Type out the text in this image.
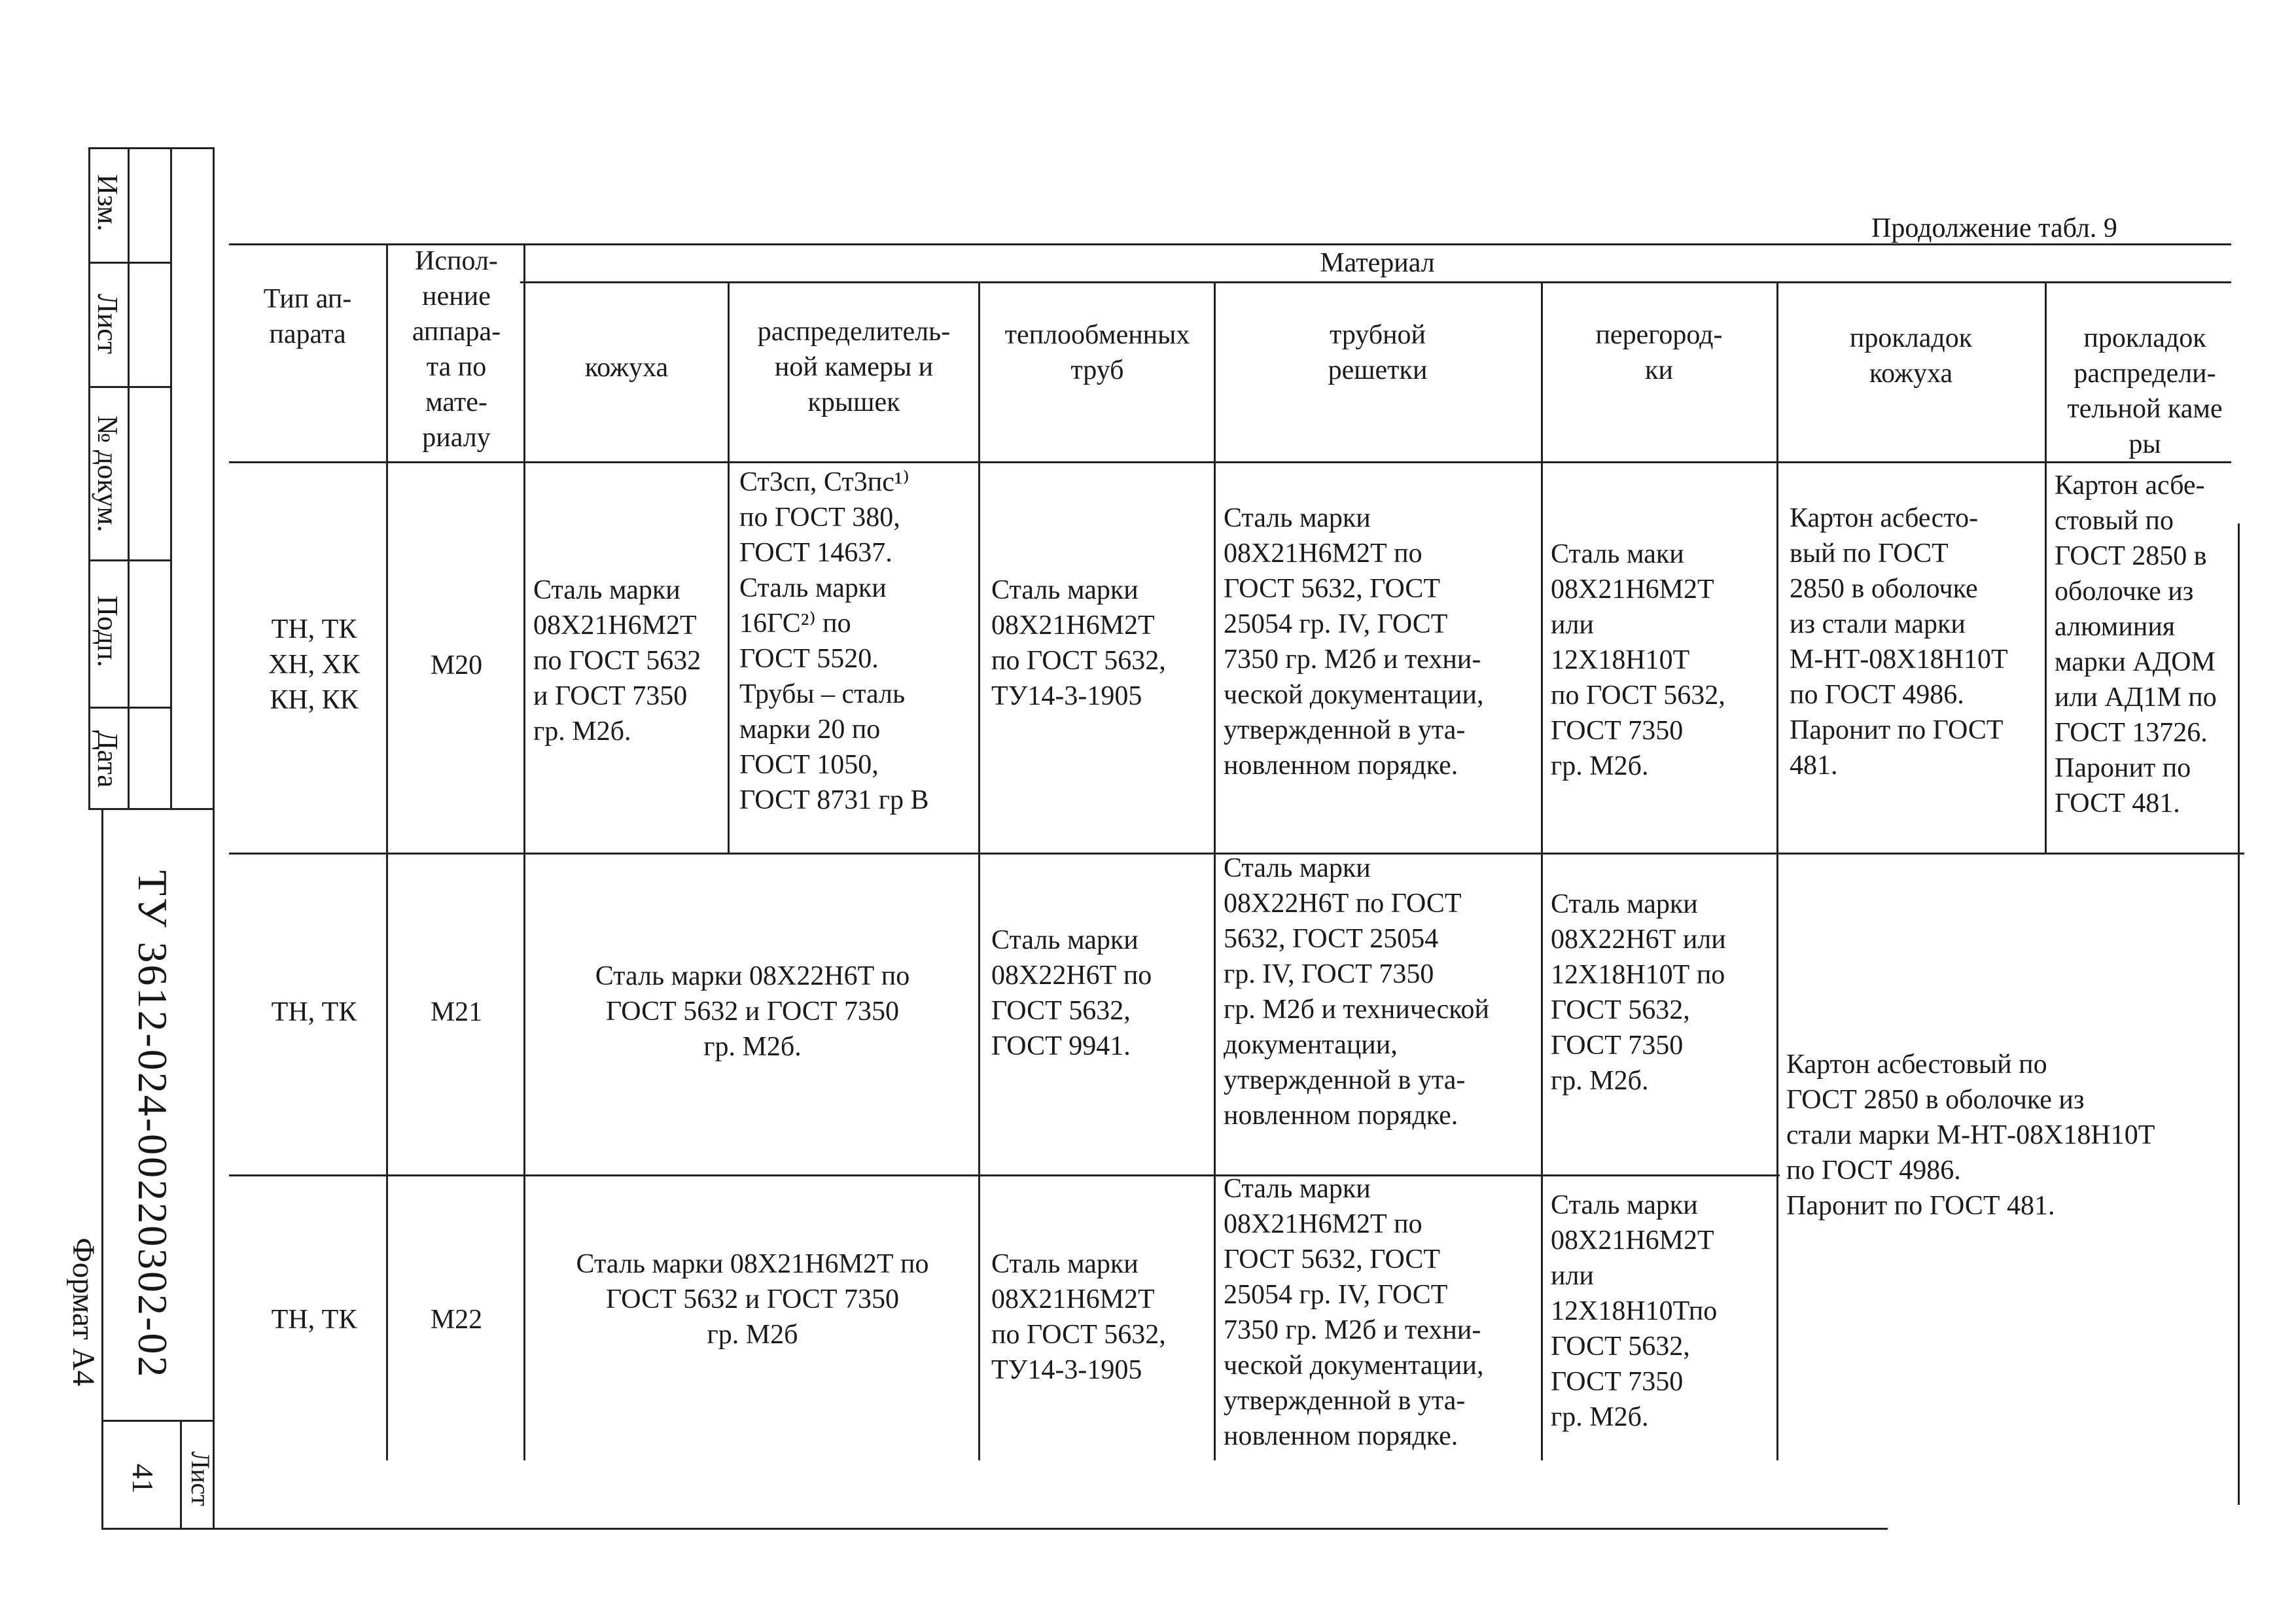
Изм.
Лист
№ докум.
Подп.
Дата
ТУ 3612-024-00220302-02
Формат А4
Лист
41
Продолжение табл. 9
Тип ап-
парата
Испол-
нение
аппара-
та по
мате-
риалу
Материал
кожуха
распределитель-
ной камеры и
крышек
теплообменных
труб
трубной
решетки
перегород-
ки
прокладок
кожуха
прокладок
распредели-
тельной каме
ры
ТН, ТК
ХН, ХК
КН, КК
М20
Сталь марки
08Х21Н6М2Т
по ГОСТ 5632
и ГОСТ 7350
гр. М2б.
Ст3сп, Ст3пс¹⁾
по ГОСТ 380,
ГОСТ 14637.
Сталь марки
16ГС²⁾ по
ГОСТ 5520.
Трубы – сталь
марки 20 по
ГОСТ 1050,
ГОСТ 8731 гр В
Сталь марки
08Х21Н6М2Т
по ГОСТ 5632,
ТУ14-3-1905
Сталь марки
08Х21Н6М2Т по
ГОСТ 5632, ГОСТ
25054 гр. IV, ГОСТ
7350 гр. М2б и техни-
ческой документации,
утвержденной в ута-
новленном порядке.
Сталь маки
08Х21Н6М2Т
или
12Х18Н10Т
по ГОСТ 5632,
ГОСТ 7350
гр. М2б.
Картон асбесто-
вый по ГОСТ
2850 в оболочке
из стали марки
М-НТ-08Х18Н10Т
по ГОСТ 4986.
Паронит по ГОСТ
481.
Картон асбе-
стовый по
ГОСТ 2850 в
оболочке из
алюминия
марки АДОМ
или АД1М по
ГОСТ 13726.
Паронит по
ГОСТ 481.
ТН, ТК	М21
Сталь марки 08Х22Н6Т по
ГОСТ 5632 и ГОСТ 7350
гр. М2б.
Сталь марки
08Х22Н6Т по
ГОСТ 5632,
ГОСТ 9941.
Сталь марки
08Х22Н6Т по ГОСТ
5632, ГОСТ 25054
гр. IV, ГОСТ 7350
гр. М2б и технической
документации,
утвержденной в ута-
новленном порядке.
Сталь марки
08Х22Н6Т или
12Х18Н10Т по
ГОСТ 5632,
ГОСТ 7350
гр. М2б.
ТН, ТК	М22
Сталь марки 08Х21Н6М2Т по
ГОСТ 5632 и ГОСТ 7350
гр. М2б
Сталь марки
08Х21Н6М2Т
по ГОСТ 5632,
ТУ14-3-1905
Сталь марки
08Х21Н6М2Т по
ГОСТ 5632, ГОСТ
25054 гр. IV, ГОСТ
7350 гр. М2б и техни-
ческой документации,
утвержденной в ута-
новленном порядке.
Сталь марки
08Х21Н6М2Т
или
12Х18Н10Тпо
ГОСТ 5632,
ГОСТ 7350
гр. М2б.
Картон асбестовый по
ГОСТ 2850 в оболочке из
стали марки М-НТ-08Х18Н10Т
по ГОСТ 4986.
Паронит по ГОСТ 481.
